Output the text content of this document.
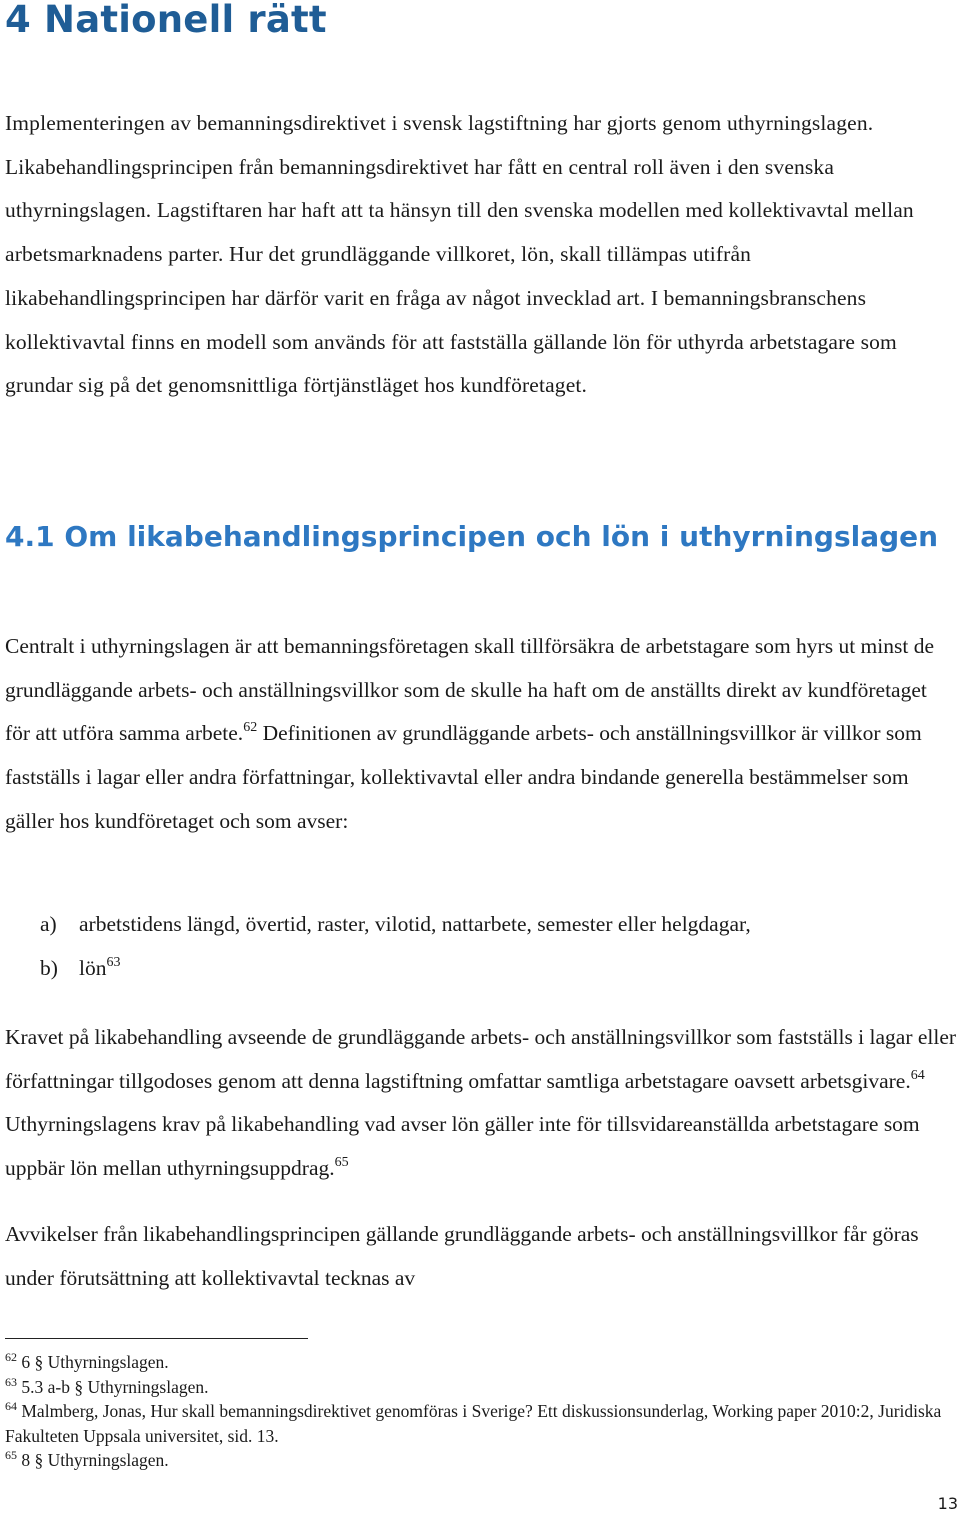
4 Nationell rätt

Implementeringen av bemanningsdirektivet i svensk lagstiftning har gjorts genom uthyrningslagen. Likabehandlingsprincipen från bemanningsdirektivet har fått en central roll även i den svenska uthyrningslagen. Lagstiftaren har haft att ta hänsyn till den svenska modellen med kollektivavtal mellan arbetsmarknadens parter. Hur det grundläggande villkoret, lön, skall tillämpas utifrån likabehandlingsprincipen har därför varit en fråga av något invecklad art. I bemanningsbranschens kollektivavtal finns en modell som används för att fastställa gällande lön för uthyrda arbetstagare som grundar sig på det genomsnittliga förtjänstläget hos kundföretaget.

4.1 Om likabehandlingsprincipen och lön i uthyrningslagen

Centralt i uthyrningslagen är att bemanningsföretagen skall tillförsäkra de arbetstagare som hyrs ut minst de grundläggande arbets- och anställningsvillkor som de skulle ha haft om de anställts direkt av kundföretaget för att utföra samma arbete.$^{62}$ Definitionen av grundläggande arbets- och anställningsvillkor är villkor som fastställs i lagar eller andra författningar, kollektivavtal eller andra bindande generella bestämmelser som gäller hos kundföretaget och som avser:

a) arbetstidens längd, övertid, raster, vilotid, nattarbete, semester eller helgdagar,
b) lön$^{63}$

Kravet på likabehandling avseende de grundläggande arbets- och anställningsvillkor som fastställs i lagar eller författningar tillgodoses genom att denna lagstiftning omfattar samtliga arbetstagare oavsett arbetsgivare.$^{64}$ Uthyrningslagens krav på likabehandling vad avser lön gäller inte för tillsvidareanställda arbetstagare som uppbär lön mellan uthyrningsuppdrag.$^{65}$

Avvikelser från likabehandlingsprincipen gällande grundläggande arbets- och anställningsvillkor får göras under förutsättning att kollektivavtal tecknas av

$^{62}$ 6 § Uthyrningslagen.

$^{63}$ 5.3 a-b § Uthyrningslagen.

$^{64}$ Malmberg, Jonas, Hur skall bemanningsdirektivet genomföras i Sverige? Ett diskussionsunderlag, Working paper 2010:2, Juridiska Fakulteten Uppsala universitet, sid. 13.

$^{65}$ 8 § Uthyrningslagen.

13
